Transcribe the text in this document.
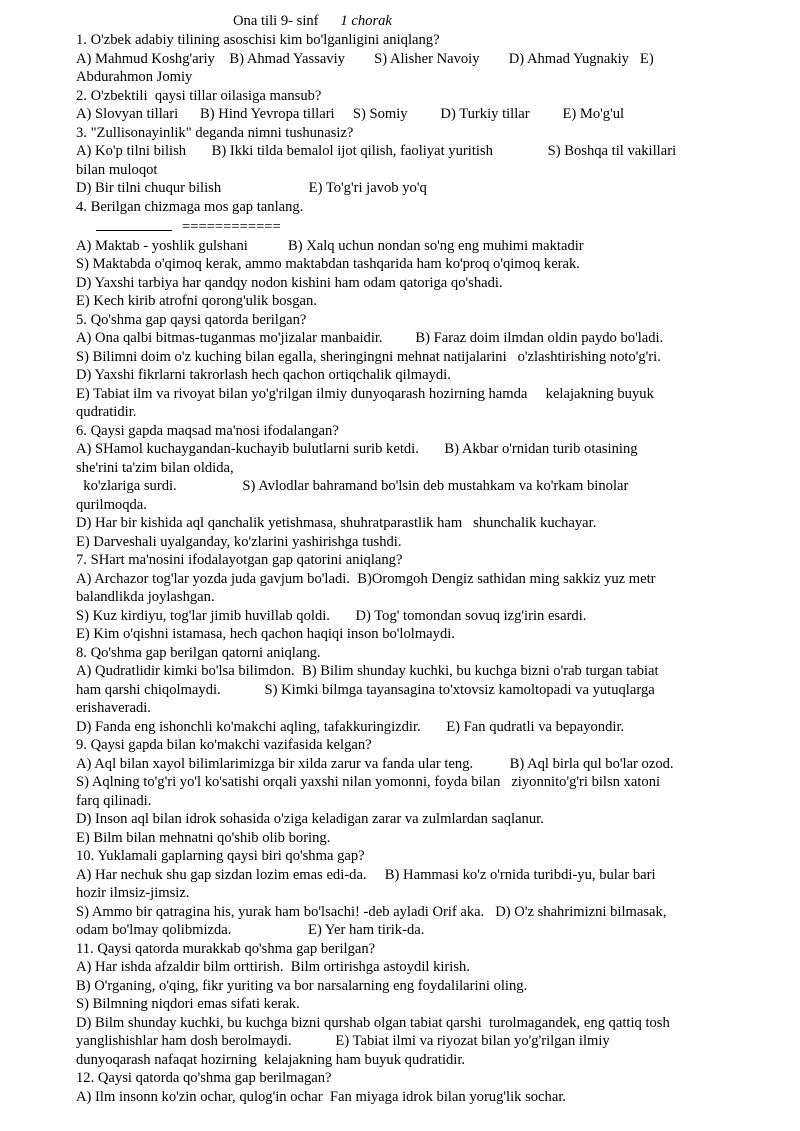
Ona tili 9- sinf 1 chorak

1. O'zbek adabiy tilining asoschisi kim bo'lganligini aniqlang?

A) Mahmud Koshg'ariy    B) Ahmad Yassaviy        S) Alisher Navoiy        D) Ahmad Yugnakiy   E)

Abdurahmon Jomiy

2. O'zbektili  qaysi tillar oilasiga mansub?

A) Slovyan tillari      B) Hind Yevropa tillari     S) Somiy         D) Turkiy tillar         E) Mo'g'ul

3. "Zullisonayinlik" deganda nimni tushunasiz?

A) Ko'p tilni bilish       B) Ikki tilda bemalol ijot qilish, faoliyat yuritish               S) Boshqa til vakillari

bilan muloqot

D) Bir tilni chuqur bilish                        E) To'g'ri javob yo'q

4. Berilgan chizmaga mos gap tanlang.

============

A) Maktab - yoshlik gulshani           B) Xalq uchun nondan so'ng eng muhimi maktadir

S) Maktabda o'qimoq kerak, ammo maktabdan tashqarida ham ko'proq o'qimoq kerak.

D) Yaxshi tarbiya har qandqy nodon kishini ham odam qatoriga qo'shadi.

E) Kech kirib atrofni qorong'ulik bosgan.

5. Qo'shma gap qaysi qatorda berilgan?

A) Ona qalbi bitmas-tuganmas mo'jizalar manbaidir.         B) Faraz doim ilmdan oldin paydo bo'ladi.

S) Bilimni doim o'z kuching bilan egalla, sheringingni mehnat natijalarini   o'zlashtirishing noto'g'ri.

D) Yaxshi fikrlarni takrorlash hech qachon ortiqchalik qilmaydi.

E) Tabiat ilm va rivoyat bilan yo'g'rilgan ilmiy dunyoqarash hozirning hamda     kelajakning buyuk

qudratidir.

6. Qaysi gapda maqsad ma'nosi ifodalangan?

A) SHamol kuchaygandan-kuchayib bulutlarni surib ketdi.       B) Akbar o'rnidan turib otasining

she'rini ta'zim bilan oldida,

ko'zlariga surdi.                  S) Avlodlar bahramand bo'lsin deb mustahkam va ko'rkam binolar

qurilmoqda.

D) Har bir kishida aql qanchalik yetishmasa, shuhratparastlik ham   shunchalik kuchayar.

E) Darveshali uyalganday, ko'zlarini yashirishga tushdi.

7. SHart ma'nosini ifodalayotgan gap qatorini aniqlang?

A) Archazor tog'lar yozda juda gavjum bo'ladi.  B)Oromgoh Dengiz sathidan ming sakkiz yuz metr

balandlikda joylashgan.

S) Kuz kirdiyu, tog'lar jimib huvillab qoldi.       D) Tog' tomondan sovuq izg'irin esardi.

E) Kim o'qishni istamasa, hech qachon haqiqi inson bo'lolmaydi.

8. Qo'shma gap berilgan qatorni aniqlang.

A) Qudratlidir kimki bo'lsa bilimdon.  B) Bilim shunday kuchki, bu kuchga bizni o'rab turgan tabiat

ham qarshi chiqolmaydi.            S) Kimki bilmga tayansagina to'xtovsiz kamoltopadi va yutuqlarga

erishaveradi.

D) Fanda eng ishonchli ko'makchi aqling, tafakkuringizdir.       E) Fan qudratli va bepayondir.

9. Qaysi gapda bilan ko'makchi vazifasida kelgan?

A) Aql bilan xayol bilimlarimizga bir xilda zarur va fanda ular teng.          B) Aql birla qul bo'lar ozod.

S) Aqlning to'g'ri yo'l ko'satishi orqali yaxshi nilan yomonni, foyda bilan   ziyonnito'g'ri bilsn xatoni

farq qilinadi.

D) Inson aql bilan idrok sohasida o'ziga keladigan zarar va zulmlardan saqlanur.

E) Bilm bilan mehnatni qo'shib olib boring.

10. Yuklamali gaplarning qaysi biri qo'shma gap?

A) Har nechuk shu gap sizdan lozim emas edi-da.     B) Hammasi ko'z o'rnida turibdi-yu, bular bari

hozir ilmsiz-jimsiz.

S) Ammo bir qatragina his, yurak ham bo'lsachi! -deb ayladi Orif aka.   D) O'z shahrimizni bilmasak,

odam bo'lmay qolibmizda.                     E) Yer ham tirik-da.

11. Qaysi qatorda murakkab qo'shma gap berilgan?

A) Har ishda afzaldir bilm orttirish.  Bilm ortirishga astoydil kirish.

B) O'rganing, o'qing, fikr yuriting va bor narsalarning eng foydalilarini oling.

S) Bilmning niqdori emas sifati kerak.

D) Bilm shunday kuchki, bu kuchga bizni qurshab olgan tabiat qarshi  turolmagandek, eng qattiq tosh

yanglishishlar ham dosh berolmaydi.            E) Tabiat ilmi va riyozat bilan yo'g'rilgan ilmiy

dunyoqarash nafaqat hozirning  kelajakning ham buyuk qudratidir.

12. Qaysi qatorda qo'shma gap berilmagan?

A) Ilm insonn ko'zin ochar, qulog'in ochar  Fan miyaga idrok bilan yorug'lik sochar.
